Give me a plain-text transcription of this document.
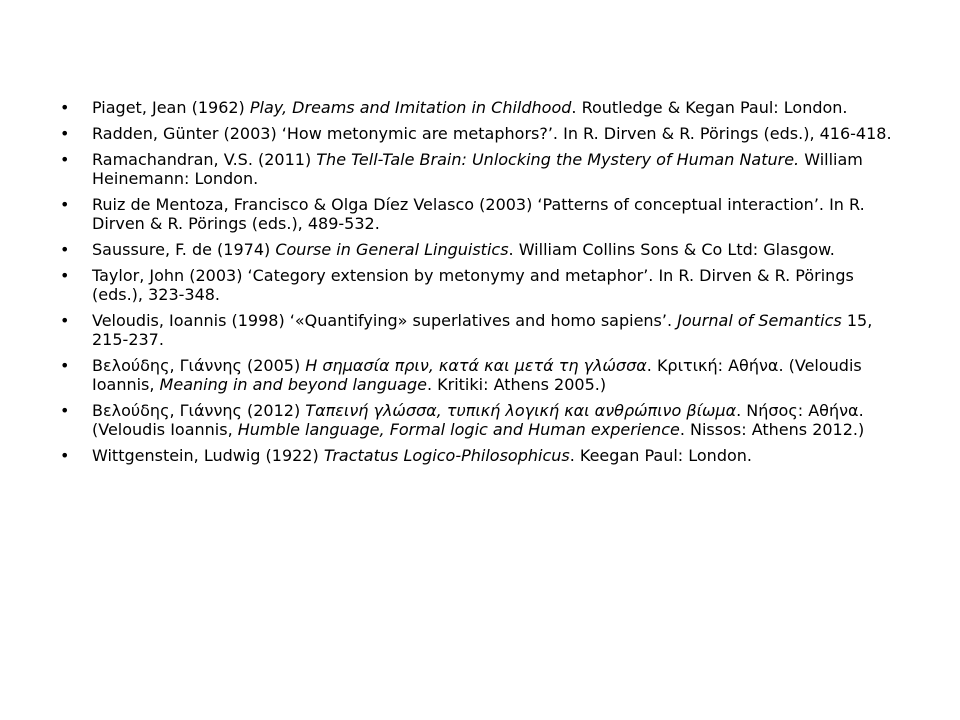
• Piaget, Jean (1962) Play, Dreams and Imitation in Childhood. Routledge & Kegan Paul: London.
• Radden, Günter (2003) ‘How metonymic are metaphors?’. In R. Dirven & R. Pörings (eds.), 416-418.
• Ramachandran, V.S. (2011) The Tell-Tale Brain: Unlocking the Mystery of Human Nature. William Heinemann: London.
• Ruiz de Mentoza, Francisco & Olga Díez Velasco (2003) ‘Patterns of conceptual interaction’. In R. Dirven & R. Pörings (eds.), 489-532.
• Saussure, F. de (1974) Course in General Linguistics. William Collins Sons & Co Ltd: Glasgow.
• Taylor, John (2003) ‘Category extension by metonymy and metaphor’. In R. Dirven & R. Pörings (eds.), 323-348.
• Veloudis, Ioannis (1998) ‘«Quantifying» superlatives and homo sapiens’. Journal of Semantics 15, 215-237.
• Βελούδης, Γιάννης (2005) Η σημασία πριν, κατά και μετά τη γλώσσα. Κριτική: Αθήνα. (Veloudis Ioannis, Meaning in and beyond language. Kritiki: Athens 2005.)
• Βελούδης, Γιάννης (2012) Ταπεινή γλώσσα, τυπική λογική και ανθρώπινο βίωμα. Νήσος: Αθήνα. (Veloudis Ioannis, Humble language, Formal logic and Human experience. Nissos: Athens 2012.)
• Wittgenstein, Ludwig (1922) Tractatus Logico-Philosophicus. Keegan Paul: London.
